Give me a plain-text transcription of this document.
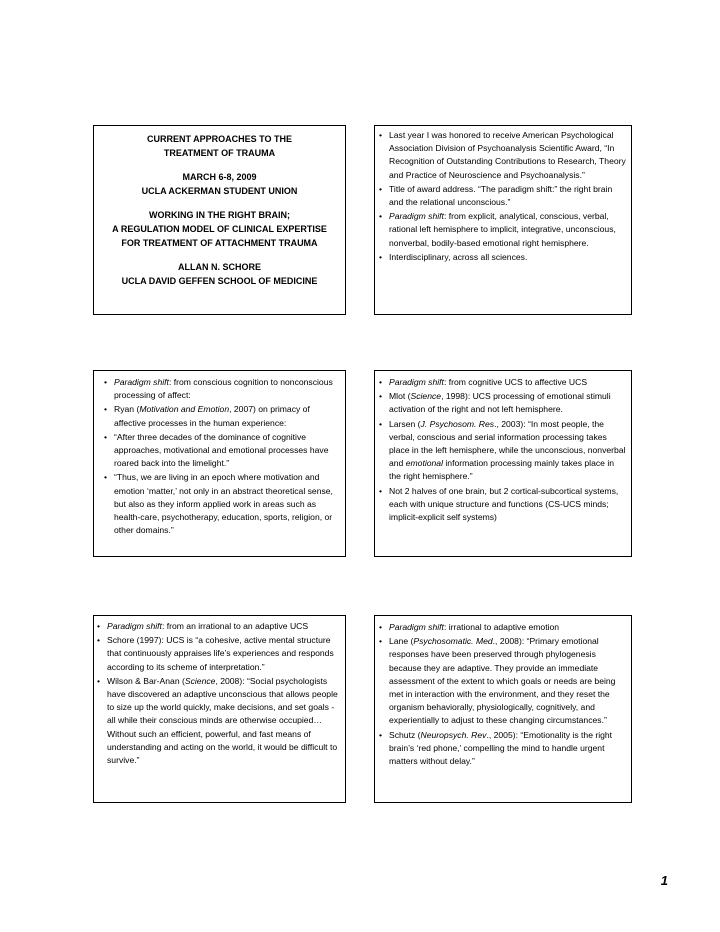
CURRENT APPROACHES TO THE
TREATMENT OF TRAUMA
MARCH 6-8, 2009
UCLA ACKERMAN STUDENT UNION
WORKING IN THE RIGHT BRAIN;
A REGULATION MODEL OF CLINICAL EXPERTISE
FOR TREATMENT OF ATTACHMENT TRAUMA
ALLAN N. SCHORE
UCLA DAVID GEFFEN SCHOOL OF MEDICINE
• Last year I was honored to receive American Psychological Association Division of Psychoanalysis Scientific Award, “In Recognition of Outstanding Contributions to Research, Theory and Practice of Neuroscience and Psychoanalysis.”
• Title of award address. “The paradigm shift:” the right brain and the relational unconscious.”
• Paradigm shift: from explicit, analytical, conscious, verbal, rational left hemisphere to implicit, integrative, unconscious, nonverbal, bodily-based emotional right hemisphere.
• Interdisciplinary, across all sciences.
• Paradigm shift: from conscious cognition to nonconscious processing of affect:
• Ryan (Motivation and Emotion, 2007) on primacy of affective processes in the human experience:
• “After three decades of the dominance of cognitive approaches, motivational and emotional processes have roared back into the limelight.”
• “Thus, we are living in an epoch where motivation and emotion ‘matter,’ not only in an abstract theoretical sense, but also as they inform applied work in areas such as health-care, psychotherapy, education, sports, religion, or other domains.”
• Paradigm shift: from cognitive UCS to affective UCS
• Mlot (Science, 1998): UCS processing of emotional stimuli activation of the right and not left hemisphere.
• Larsen (J. Psychosom. Res., 2003): “In most people, the verbal, conscious and serial information processing takes place in the left hemisphere, while the unconscious, nonverbal and emotional information processing mainly takes place in the right hemisphere.”
• Not 2 halves of one brain, but 2 cortical-subcortical systems, each with unique structure and functions (CS-UCS minds; implicit-explicit self systems)
• Paradigm shift: from an irrational to an adaptive UCS
• Schore (1997): UCS is “a cohesive, active mental structure that continuously appraises life’s experiences and responds according to its scheme of interpretation.”
• Wilson & Bar-Anan (Science, 2008): “Social psychologists have discovered an adaptive unconscious that allows people to size up the world quickly, make decisions, and set goals - all while their conscious minds are otherwise occupied…Without such an efficient, powerful, and fast means of understanding and acting on the world, it would be difficult to survive.”
• Paradigm shift: irrational to adaptive emotion
• Lane (Psychosomatic. Med., 2008): “Primary emotional responses have been preserved through phylogenesis because they are adaptive. They provide an immediate assessment of the extent to which goals or needs are being met in interaction with the environment, and they reset the organism behaviorally, physiologically, cognitively, and experientially to adjust to these changing circumstances.”
• Schutz (Neuropsych. Rev., 2005): “Emotionality is the right brain’s ‘red phone,’ compelling the mind to handle urgent matters without delay.”
1
